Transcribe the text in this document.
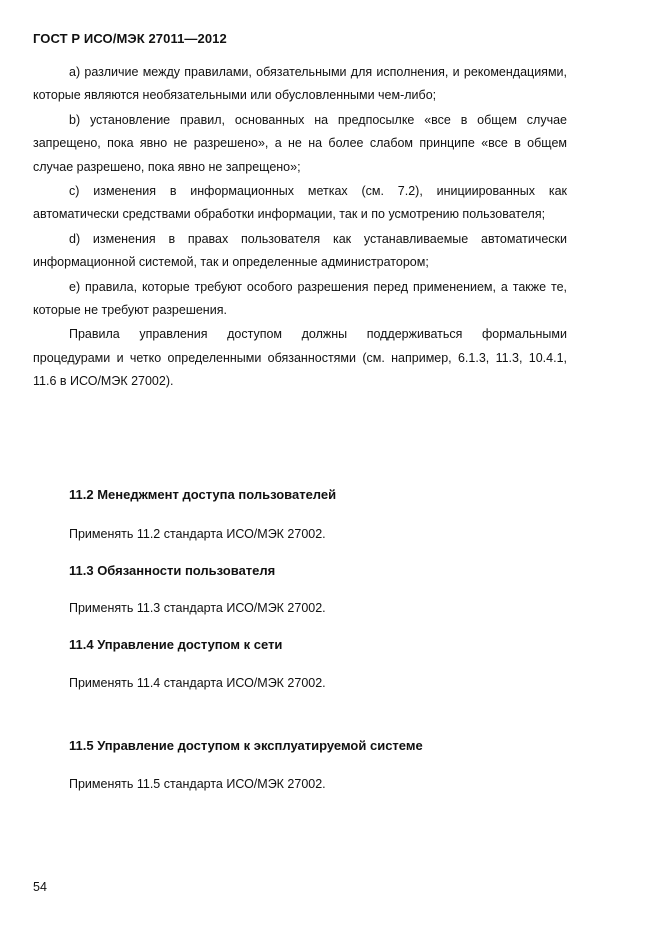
ГОСТ Р ИСО/МЭК 27011—2012

a) различие между правилами, обязательными для исполнения, и рекомендациями, которые являются необязательными или обусловленными чем-либо;

b) установление правил, основанных на предпосылке «все в общем случае запрещено, пока явно не разрешено», а не на более слабом принципе «все в общем случае разрешено, пока явно не запрещено»;

c) изменения в информационных метках (см. 7.2), инициированных как автоматически средствами обработки информации, так и по усмотрению пользователя;

d) изменения в правах пользователя как устанавливаемые автоматически информационной системой, так и определенные администратором;

e) правила, которые требуют особого разрешения перед применением, а также те, которые не требуют разрешения.

Правила управления доступом должны поддерживаться формальными процедурами и четко определенными обязанностями (см. например, 6.1.3, 11.3, 10.4.1, 11.6 в ИСО/МЭК 27002).

11.2 Менеджмент доступа пользователей
Применять 11.2 стандарта ИСО/МЭК 27002.
11.3 Обязанности пользователя
Применять 11.3 стандарта ИСО/МЭК 27002.
11.4 Управление доступом к сети
Применять 11.4 стандарта ИСО/МЭК 27002.
11.5 Управление доступом к эксплуатируемой системе
Применять 11.5 стандарта ИСО/МЭК 27002.
54
